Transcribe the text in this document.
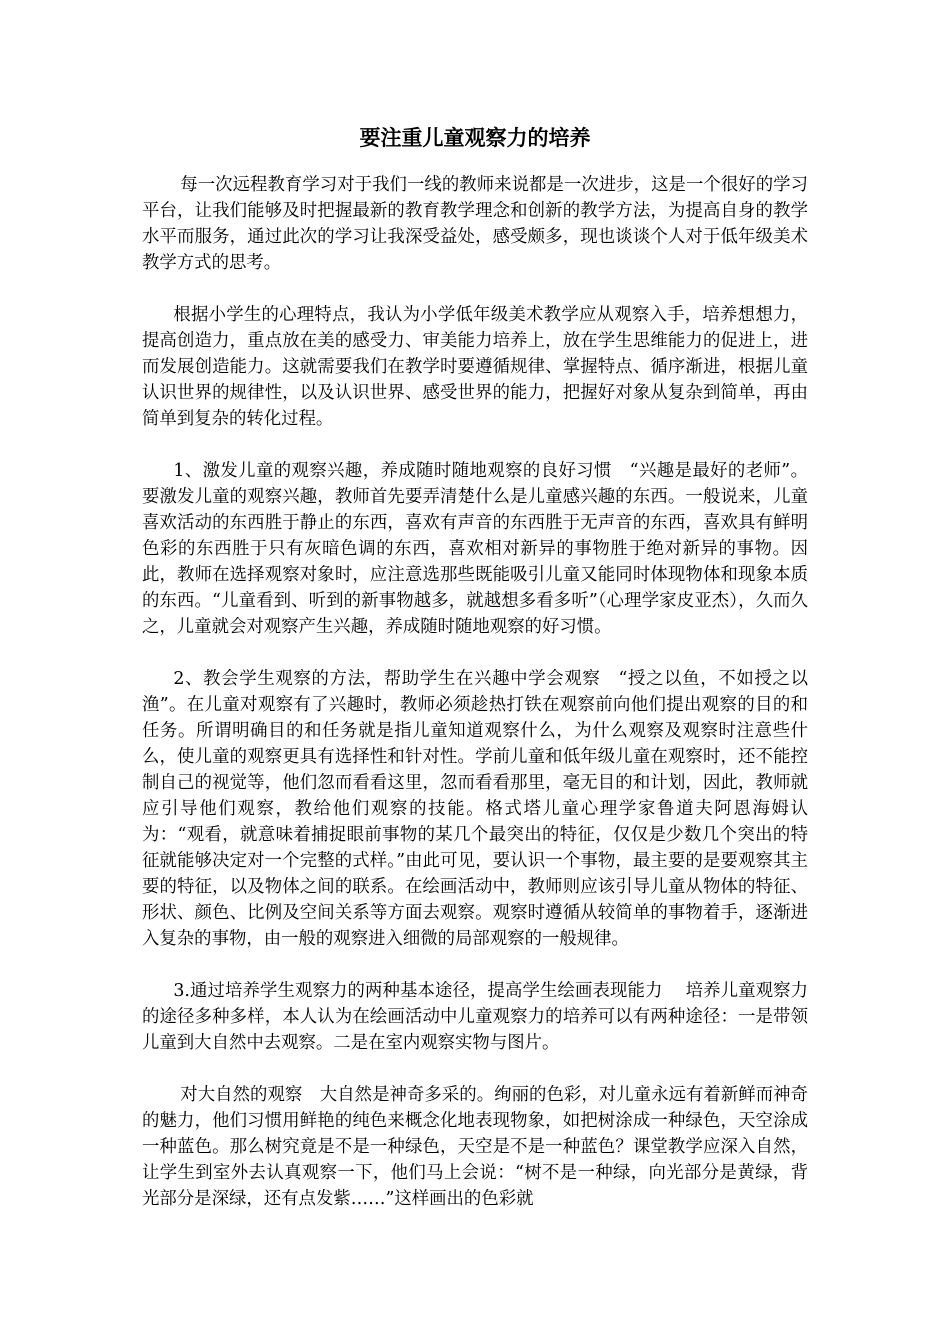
要注重儿童观察力的培养

每一次远程教育学习对于我们一线的教师来说都是一次进步，这是一个很好的学习平台，让我们能够及时把握最新的教育教学理念和创新的教学方法，为提高自身的教学水平而服务，通过此次的学习让我深受益处，感受颇多，现也谈谈个人对于低年级美术教学方式的思考。

根据小学生的心理特点，我认为小学低年级美术教学应从观察入手，培养想想力，提高创造力，重点放在美的感受力、审美能力培养上，放在学生思维能力的促进上，进而发展创造能力。这就需要我们在教学时要遵循规律、掌握特点、循序渐进，根据儿童认识世界的规律性，以及认识世界、感受世界的能力，把握好对象从复杂到简单，再由简单到复杂的转化过程。

1、激发儿童的观察兴趣，养成随时随地观察的良好习惯　“兴趣是最好的老师”。要激发儿童的观察兴趣，教师首先要弄清楚什么是儿童感兴趣的东西。一般说来，儿童喜欢活动的东西胜于静止的东西，喜欢有声音的东西胜于无声音的东西，喜欢具有鲜明色彩的东西胜于只有灰暗色调的东西，喜欢相对新异的事物胜于绝对新异的事物。因此，教师在选择观察对象时，应注意选那些既能吸引儿童又能同时体现物体和现象本质的东西。“儿童看到、听到的新事物越多，就越想多看多听”（心理学家皮亚杰），久而久之，儿童就会对观察产生兴趣，养成随时随地观察的好习惯。

2、教会学生观察的方法，帮助学生在兴趣中学会观察　“授之以鱼，不如授之以渔”。在儿童对观察有了兴趣时，教师必须趁热打铁在观察前向他们提出观察的目的和任务。所谓明确目的和任务就是指儿童知道观察什么，为什么观察及观察时注意些什么，使儿童的观察更具有选择性和针对性。学前儿童和低年级儿童在观察时，还不能控制自己的视觉等，他们忽而看看这里，忽而看看那里，毫无目的和计划，因此，教师就应引导他们观察，教给他们观察的技能。格式塔儿童心理学家鲁道夫阿恩海姆认为：“观看，就意味着捕捉眼前事物的某几个最突出的特征，仅仅是少数几个突出的特征就能够决定对一个完整的式样。”由此可见，要认识一个事物，最主要的是要观察其主要的特征，以及物体之间的联系。在绘画活动中，教师则应该引导儿童从物体的特征、形状、颜色、比例及空间关系等方面去观察。观察时遵循从较简单的事物着手，逐渐进入复杂的事物，由一般的观察进入细微的局部观察的一般规律。

3.通过培养学生观察力的两种基本途径，提高学生绘画表现能力　 培养儿童观察力的途径多种多样，本人认为在绘画活动中儿童观察力的培养可以有两种途径：一是带领儿童到大自然中去观察。二是在室内观察实物与图片。

对大自然的观察　大自然是神奇多采的。绚丽的色彩，对儿童永远有着新鲜而神奇的魅力，他们习惯用鲜艳的纯色来概念化地表现物象，如把树涂成一种绿色，天空涂成一种蓝色。那么树究竟是不是一种绿色，天空是不是一种蓝色？课堂教学应深入自然，让学生到室外去认真观察一下，他们马上会说：“树不是一种绿，向光部分是黄绿，背光部分是深绿，还有点发紫……”这样画出的色彩就
